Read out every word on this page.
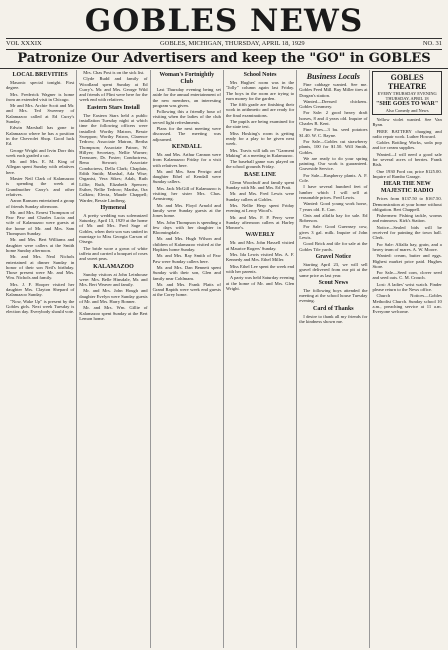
GOBLES NEWS
VOL XXXIX	GOBLES, MICHIGAN, THURSDAY, APRIL 18, 1929	NO. 31
Patronize Our Advertisers and keep the "GO" in GOBLES
LOCAL BREVITIES

Masonic special tonight. First degree.

Mrs. Frederick Wagner is home from an extended visit in Chicago.

Mr and Mrs. Archie Scott and Mr. and Mrs. Ted Sweeney of Kalamazoo called at Ed Curry's Sunday.

Edwin Marshall has gone to Kalamazoo where he has a position in the Chevrolet Shop. Good luck Ed.

George Wright and Irvin Dorr this week each graded a car.

Mr. and Mrs. E. M. King of Allegan spent Sunday with relatives here.

Master Neil Clark of Kalamazoo is spending the week at Grandmother Carry's and other relatives.

Aaron Ransom entertained a group of friends Sunday afternoon.

Mr. and Mrs. Ernest Thompson of Paw Paw and Charles Lucia and wife of Kalamazoo were guests at the home of Mr. and Mrs. Sam Thompson Sunday.

Mr. and Mrs. Bert Williams and daughter were callers at the Smith home Sunday afternoon.

Mr. and Mrs. Neal Nichols entertained at dinner Sunday in honor of their son Neil's birthday. Those present were Mr. and Mrs. Wm. Nichols and family.

Mrs. J. F. Hooper visited her daughter Mrs. Clayton Shepard of Kalamazoo Sunday.

"Now, Wake Up" is present by the Gobles girls. Next week Tuesday is election day. Everybody should vote.

Mrs. Chas Post is on the sick list.

Clyde Rudd and family of Woodland spent Sunday at Ed Curry's. Mr. and Mrs. George Wild and friends of Flint were here for the week end with relatives.

Eastern Stars Install

The Eastern Stars held a public installation Tuesday night at which time the following officers were installed: Worthy Matron, Bessie Sweppon; Worthy Patron, Clarence Tedrow; Associate Matron, Bertha Thompson; Associate Patron, W. Hillyer; Secretary, Nellie Warner; Treasurer, Dr. Foster; Conductress, Rena Stewart; Associate Conductress, Della Clark; Chaplain, Edith Smith; Marshal, Ada Wise; Organist, Vera Sikes; Adah, Ruth Lillie; Ruth, Elizabeth Spencer; Esther, Nellie Tedrow; Martha, Ora Calkins; Electa, Maude Chappell; Warder, Bessie Lindberg.

Hymeneal

A pretty wedding was solemnized Saturday, April 13, 1929 at the home of Mr. and Mrs. Fred Sage of Gobles, when their son was united in marriage to Miss Georgia Carson of Otsego.

The bride wore a gown of white taffeta and carried a bouquet of roses and sweet peas.

KALAMAZOO

Sunday visitors at John Leinhouse were: Mrs. Belle Hinsdale, Mr. and Mrs. Bert Weaver and family.

Mr. and Mrs. John Hough and daughter Evelyn were Sunday guests of Mr. and Mrs. Harry Bonner.

Mr. and Mrs. Wm. Gillie of Kalamazoo spent Sunday at the Bert Lemon home.

Woman's Fortnightly Club

Last Thursday evening being set aside for the annual entertainment of the new members, an interesting program was given.

Following this a friendly hour of visiting when the ladies of the club served light refreshments.

Plans for the next meeting were discussed. The meeting was adjourned.

KENDALL

Mr. and Mrs. Arthur Cannon were from Kalamazoo Friday for a visit with relatives here.

Mr. and Mrs. Sam Perrigo and daughter Ethel of Kendall were Sunday callers.

Mrs. Jack McGill of Kalamazoo is visiting her sister Mrs. Chas. Armstrong.

Mr. and Mrs. Floyd Arnold and family were Sunday guests at the Jones home.

Mrs. John Thompson is spending a few days with her daughter in Bloomingdale.

Mr. and Mrs. Hugh Wilson and children of Kalamazoo visited at the Hopkins home Sunday.

Mr. and Mrs. Ray Smith of Paw Paw were Sunday callers here.

Mr. and Mrs. Dan Bennett spent Sunday with their son, Glen and family near Cohlmam.

Mr. and Mrs. Frank Platts of Grand Rapids were week end guests at the Corey home.

School Notes

Mrs Hughes' room was in the "Jolly" column again last Friday. The boys in the room are trying to earn money for the garden.

The fifth grade are finishing their work in arithmetic and are ready for the final examinations.

The pupils are being examined for the state test.

Miss Hosking's room is getting ready for a play to be given next week.

Mrs. Travis will talk on "Garment Making" at a meeting in Kalamazoo.

The baseball game was played on the school grounds Friday.

BASE LINE

Glenn Woodruff and family spent Sunday with Mr. and Mrs. Ed Pratt.

Mr. and Mrs. Fred Lewis were Sunday callers at Gobles.

Mrs. Nellie Herp spent Friday evening at Leroy Wood's.

Mr. and Mrs. F. P. Perry were Sunday afternoon callers at Harley Monroe's.

WAVERLY

Mr. and Mrs. John Hassell visited at Maurice Rogers' Sunday.

Mrs. Ida Lewis visited Mrs. A. F. Kennedy and Mrs. Ethel Miller.

Miss Ethel Lee spent the week end with her parents.

A party was held Saturday evening at the home of Mr. and Mrs. Glen Wright.

Business Locals

Fine cabbage wanted. See me. Gobles Feed Mill. Buy Miller tires at Dorgan's station.

Wanted—Dressed chickens. Gobles Creamery.

For Sale: 2 good heavy draft horses, 8 and 4 years old. Inquire of Charles B. Kent.

Fine Foes—3 bu. seed potatoes $1.40. W. C. Bayne.

For Sale—Gobles cut strawberry plants, 100 for $1.50. Will Smith, Gobles.

We are ready to do your spring painting. Our work is guaranteed. Graveside Service.

For Sale—Raspberry plants. A. F. Cole.

I have several hundred feet of lumber which I will sell at reasonable prices. Fred Lewis.

Wanted: Good young work horse, 7 years old. E. Carr.

Oats and alfalfa hay for sale. Ed Roberson.

For Sale: Good Guernsey cow, gives 3 gal. milk. Inquire of John Lewis.

Good Brick and tile for sale at the Gobles Tile yards.

Gravel Notice

Starting April 23, we will sell gravel delivered from our pit at the same price as last year.

Scout News

The following boys attended the meeting at the school house Tuesday evening.

Card of Thanks

I desire to thank all my friends for the kindness shown me.

GOBLES THEATRE
EVERY THURSDAY EVENING
THURSDAY, APRIL 18
"SHE GOES TO WAR"
Also Comedy and News

Yellow violet wanted. See Van Ryan.

FREE BATTERY charging and radio repair work. Luther Howard.

Gobles Bottling Works, soda pop and ice cream supplies.

Wanted—I will need a good sale for several acres of berries. Frank Bish.

One 1930 Ford car, price $125.00. Inquire of Rambo Garage.

HEAR THE NEW MAJESTIC RADIO

Prices from $137.50 to $167.50. Demonstration at your home without obligation. Bert Chappell.

Fishermen: Fishing tackle, worms and minnows. Kirk's Station.

Notice—Sealed bids will be received for painting the town hall. Clerk.

For Sale: Alfalfa hay, grain, and a heavy team of mares. A. W. Moore.

Wanted: cream, butter and eggs. Highest market price paid. Hughes Store.

For Sale—Seed corn, clover seed and seed oats. C. M. Crouch.

Lost: A ladies' wrist watch. Finder please return to the News office.

Church Notices—Gobles Methodist Church. Sunday school 10 a.m., preaching service at 11 a.m. Everyone welcome.
